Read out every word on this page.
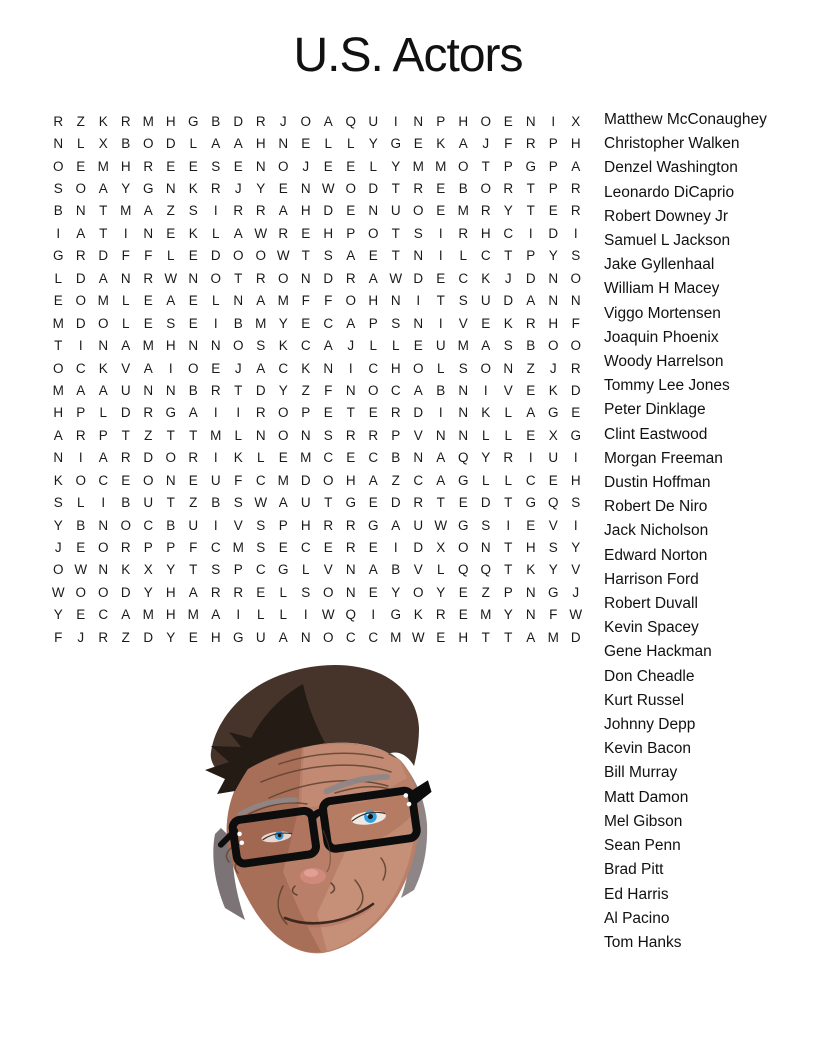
U.S. Actors
R	Z	K R M H G B D R	J	O A Q U	I	N P H O E N	I	X
N	L	X B O D	L	A A H N E	L	L	Y G E K A	J	F	R P H
O E M H R E E S E N O	J	E E	L	Y M M O T	P G P A
S O A Y G N K R	J	Y E N W O D	T	R E B O R	T	P R
B N	T M A	Z	S	I	R R A H D E N U O E M R Y	T	E R
I	A	T	I	N E K	L	A W R E H P O T	S	I	R H C	I	D	I
G R D	F	F	L	E D O O W T	S A E	T	N	I	L	C	T	P Y S
L	D A N R W N O T	R O N D R A W D E C K	J	D N O
E O M L	E A E	L	N A M F	F O H N	I	T	S U D A N N
M D O L	E S E	I	B M Y E C A P S N	I	V E K R H	F
T	I	N A M H N N O S K C A	J	L	L	E U M A S B O O
O C K V A	I	O E	J	A C K N	I	C H O L	S O N	Z	J	R
M A A U N N B R	T	D Y	Z	F	N O C A B N	I	V E K D
H P	L	D R G A	I	I	R O P E	T	E R D	I	N K	L	A G E
A R P	T	Z	T	T M L	N O N S R R P V N N	L	L	E X G
N	I	A R D O R	I	K	L	E M C E C B N A Q Y R	I	U	I
K O C E O N E U	F	C M D O H A	Z	C A G L	L	C E H
S	L	I	B U	T	Z	B S W A U	T G E D R	T	E D	T G Q S
Y B N O C B U	I	V S P H R R G A U W G S	I	E V	I
J	E O R P P	F	C M S E C E R E	I	D X O N	T	H S Y
O W N K X Y	T	S P C G L	V N A B V	L Q Q T	K Y V
W O O D Y H A R R E	L	S O N E Y O Y E	Z	P N G	J
Y E C A M H M A	I	L	L	I	W Q	I	G K R E M Y N	F W
F	J	R	Z	D Y E H G U A N O C C M W E H	T	T	A M D
Matthew McConaughey
Christopher Walken
Denzel Washington
Leonardo DiCaprio
Robert Downey Jr
Samuel L Jackson
Jake Gyllenhaal
William H Macey
Viggo Mortensen
Joaquin Phoenix
Woody Harrelson
Tommy Lee Jones
Peter Dinklage
Clint Eastwood
Morgan Freeman
Dustin Hoffman
Robert De Niro
Jack Nicholson
Edward Norton
Harrison Ford
Robert Duvall
Kevin Spacey
Gene Hackman
Don Cheadle
Kurt Russel
Johnny Depp
Kevin Bacon
Bill Murray
Matt Damon
Mel Gibson
Sean Penn
Brad Pitt
Ed Harris
Al Pacino
Tom Hanks
